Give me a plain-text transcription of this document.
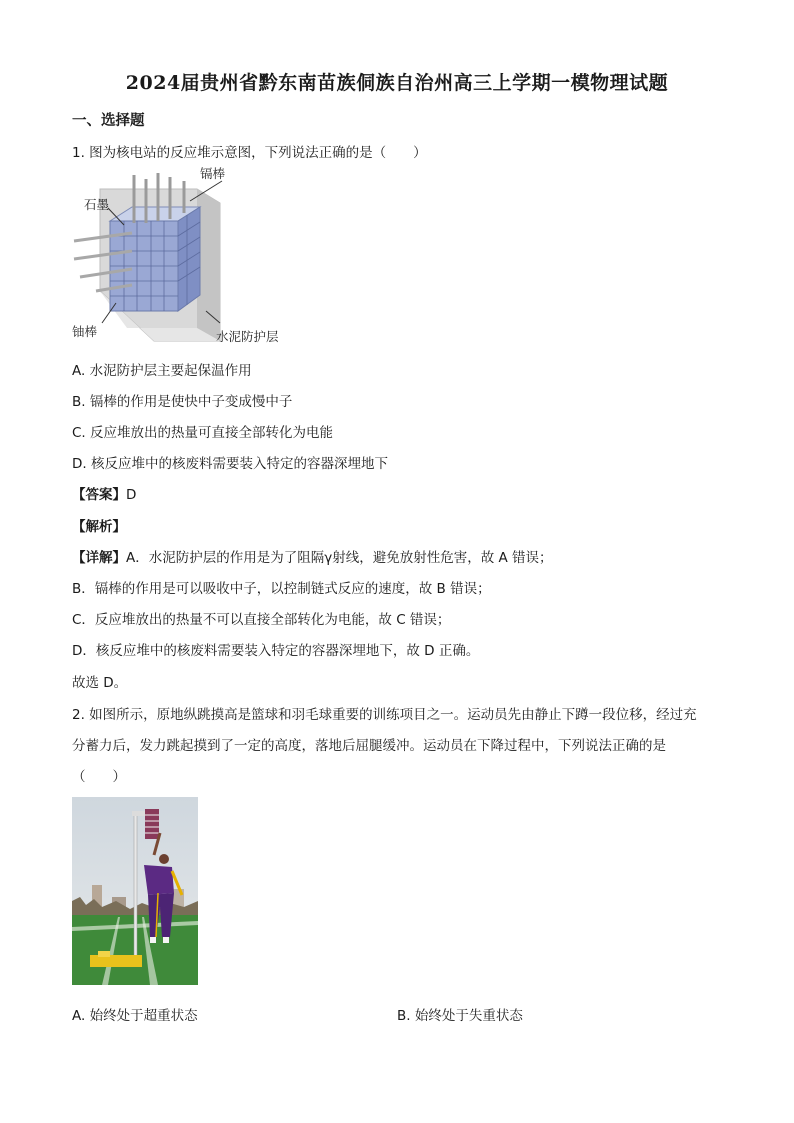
2024届贵州省黔东南苗族侗族自治州高三上学期一模物理试题
一、选择题
1. 图为核电站的反应堆示意图，下列说法正确的是（　　）
石墨
镉棒
铀棒	水泥防护层
A. 水泥防护层主要起保温作用
B. 镉棒的作用是使快中子变成慢中子
C. 反应堆放出的热量可直接全部转化为电能
D. 核反应堆中的核废料需要装入特定的容器深埋地下
【答案】D
【解析】
【详解】A．水泥防护层的作用是为了阻隔γ射线，避免放射性危害，故 A 错误；
B．镉棒的作用是可以吸收中子，以控制链式反应的速度，故 B 错误；
C．反应堆放出的热量不可以直接全部转化为电能，故 C 错误；
D．核反应堆中的核废料需要装入特定的容器深埋地下，故 D 正确。
故选 D。
2. 如图所示，原地纵跳摸高是篮球和羽毛球重要的训练项目之一。运动员先由静止下蹲一段位移，经过充
分蓄力后，发力跳起摸到了一定的高度，落地后屈腿缓冲。运动员在下降过程中，下列说法正确的是
（　　）
A. 始终处于超重状态	B. 始终处于失重状态
